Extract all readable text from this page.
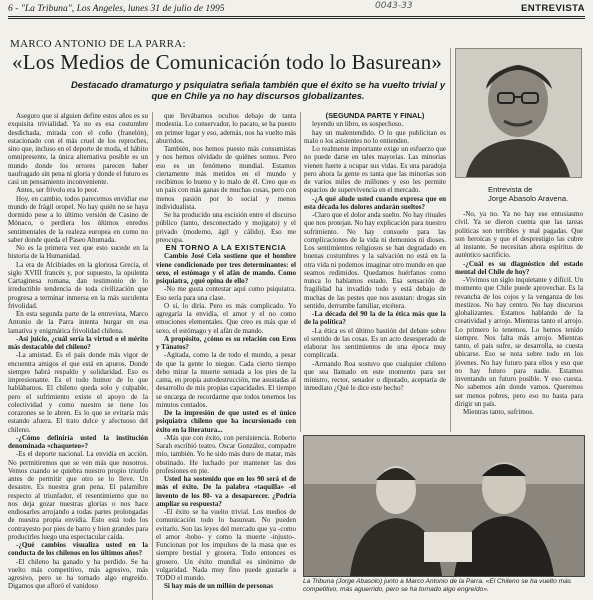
6 - "La Tribuna", Los Angeles, lunes 31 de julio de 1995	0043-33	ENTREVISTA
MARCO ANTONIO DE LA PARRA:
«Los Medios de Comunicación todo lo Basurean»
Destacado dramaturgo y psiquiatra señala también que el éxito se ha vuelto trivial y que en Chile ya no hay discursos globalizantes.

Aseguro que si alguien define estos años es su exquisita trivialidad. Ya no es esa costumbre desdichada, mirada con el coño (franelón), estacionado con el más cruel de los reproches, sino que, incluso en el deporte de moda, el hábito omnipresente, la única alternativa posible es un mundo donde los errores parecen haber naufragado sin pena ni gloria y donde el futuro es casi un pensamiento inconveniente.

Antes, ser frívolo era lo peor.

Hoy, en cambio, todos parecemos envidiar ese mundo de frágil oropel. No hay quién no se haya dormido pese a lo último versión de Casino de Mónaco, o perdiera los últimos enredos sentimentales de la realeza europea en como no saber donde queda el Paseo Ahumada.

No es la primera vez que esto sucede en la historia de la Humanidad.

La era de Alcibíades en la gloriosa Grecia, el siglo XVIII francés y, por supuesto, la opulenta Cartaginesa romana, dan testimonio de lo irreductible tendencia de toda civilización que progresa a terminar inmersa en la más suculenta frivolidad.

En esta segunda parte de la entrevista, Marco Antonio de la Parra intenta hurgar en esa lamativa y enigmática frivolidad chilena.

-Así juicio, ¿cuál sería la virtud o el mérito más destacable del chileno?

-La amistad. Es el país donde más vigor de encuentra amigos el que está en apuros. Donde siempre habrá respaldo y solidaridad. Eso es impresionante. Es el todo humor de lo que hablábamos. El chileno queda solo y culpable, pero el sufrimiento existe el apoyo de la colectividad y como nuestro se tiene los corazones se le abren. Es lo que se evitaría más estando afuera. El trato dulce y afectuoso del chileno.

-¿Cómo definiría usted la institución denominada «chaqueteo»?

-Es el deporte nacional. La envidia en acción. No permitiremos que se ven más que nosotros. Vemos cuando se quiebra nuestro propio triunfo antes de permitir que otro se lo lleve. Un desastre. Es nuestra gran pena. El palamibre respecto al triunfador, el resentimiento que no nos deja gozar nuestras glorias o nos hace endiosarles arrojando a todas partes prolongadas de nuestra propia envidia. Esto está todo los contrayesto por pies de barro y bien grandes para producirles luego una espectacular caída.

-¿Qué cambios visualiza usted en la conducta de los chilenos en los últimos años?

-El chileno ha ganado y ha perdido. Se ha vuelto más competitivo, más agresivo, más agresivo, pero se ha tornado algo engreído. Digamos que afloró el vanidoso

que llevábamos ocultos debajo de tanta modestia. Lo conservador, lo pacato, se ha puesto en primer lugar y eso, además, nos ha vuelto más aburridos.

También, nos hemos puesto más consumistas y nos hemos olvidado de quiénes somos. Pero eso es un fenómeno mundial. Estamos ciertamente más metidos en el mundo y recibimos lo bueno y lo malo de él. Creo que es un país con más ganas de muchas cosas, pero con menos pasión por lo social y menos individualista.

Se ha producido una escisión entre el discurso público (tanto, desconectado y mojigato) y el privado (moderno, ágil y cálido). Eso me preocupa.

EN TORNO A LA EXISTENCIA

Cambio José Cela sostiene que el hombre viene condicionado por tres determinantes: el sexo, el estómago y el afán de mando. Como psiquiatra, ¿qué opina de ello?

-No me gusta contestar aquí como psiquiatra. Eso sería para una clase.

O sí, lo diría. Pero es más complicado. Yo agregaría la envidia, el amor y el no como emociones elementales. Que creo es más que el sexo, el estómago y el afán de mando.

A propósito, ¿cómo es su relación con Eros y Tánatos?

-Agitada, como la de todo el mundo, a pesar de que la gente lo niegue. Cada cierto tiempo debo mirar la muerte sentada a los pies de la cama, en propia autodestrucción, me asustadas al desarrollo de mis propias capacidades. El tiempo se encarga de recordarme que todos tenemos los minutos contados.

De la impresión de que usted es el único psiquiatra chileno que ha incursionado con éxito en la literatura...

-Más que con éxito, con persistencia. Roberto Sarah escribió teatro. Oscar González, compadre mío, también. Yo he sido más duro de matar, más obstinado. He luchado por mantener las dos profesiones en pie.

Usted ha sostenido que en los 90 será el de más el éxito. De la palabra «taquilla» -el invento de los 80- va a desaparecer. ¿Podría ampliar su respuesta?

-El éxito se ha vuelto trivial. Los medios de comunicación todo lo basurean. No pueden evitarlo. Son las leyes del mercado que ya -como el amor -bobo- y como la muerte -injusto-. Funcionan por los impulsos de la masa que es siempre bestial y grosera. Todo entonces es grosero. Un éxito mundial es sinónimo de vulgaridad. Nada muy fino puede gustarle a TODO el mundo.

Si hay más de un millón de personas

(SEGUNDA PARTE Y FINAL)

leyendo un libro, es sospechoso.

hay un malentendido. O lo que publicitan es malo o los asistentes no lo entienden.

Lo realmente importante exige un esfuerzo que no puede darse en tales mayorías. Las minorías vienen fuerte a ocupar sus vidas. Es una paradoja pero ahora la gente es tanta que las minorías son de varios miles de millones y eso les permite espacios de supervivencia en el mercado.

-¿A qué alude usted cuando expresa que en esta década los dolores andarán sueltos?

-Claro que el dolor anda suelto. No hay rituales que nos protejan. No hay explicación para nuestro sufrimiento. No hay consuelo para las complicaciones de la vida ni demonios ni dioses. Los sentimientos religiosos se han degradado en buenas costumbres y la salvación no está en la otra vida ni podemos imaginar otro mundo en que seamos redimidos. Quedamos huérfanos como nunca lo habíamos estado. Esa sensación de fragilidad ha invadido todo y está debajo de muchas de las pestes que nos asustan: drogas sin sentido, derrumbe familiar, etcétera.

-La década del 90 la de la ética más que la de la política?

-La ética es el último bastión del debate sobre el sentido de las cosas. Es un acto desesperado de elaborar los sentimientos de una época muy complicada.

-Armando Roa sostuvo que cualquier chileno que sea llamado en este momento para ser ministro, rector, senador o diputado, aceptaría de inmediato ¿Qué le dice este hecho?

Entrevista de
Jorge Abasolo Aravena.

-No, ya no. Ya no hay ese entusiasmo cívil. Ya se dieron cuenta que las tareas políticas son terribles y mal pagadas. Que son heroicas y que el desprestigio las cubre al instante. Se necesitan ahora espíritus de auténtico sacrificio.

-¿Cuál es su diagnóstico del estado mental del Chile de hoy?

-Vivimos un siglo inquietante y difícil. Un momento que Chile puede aprovechar. Es la revancha de los cojos y la venganza de los mestizos. No hay centro. No hay discursos globalizantes. Estamos hablando de la creatividad y arrojo. Mientras tanto el arrojo. Lo primero lo tenemos. Lo hemos tenido siempre. Nos falta más arrojo. Mientras tanto, el país sufre, se desarrolla, se cuesta ubicarse. Eso se nota sobre todo en los jóvenes. No hay futuro para ellos y eso que no hay futuro para nadie. Estamos inventando un futuro posible. Y eso cuesta. No sabemos aún donde vamos. Queremos ser menos pobres, pero eso no basta para dirigir un país.

Mientras tanto, sufrimos.

La Tribuna (Jorge Abasolo) junto a Marco Antonio de la Parra. «El Chileno se ha vuelto más competitivo, más aguerrido, pero se ha tornado algo engreído».
